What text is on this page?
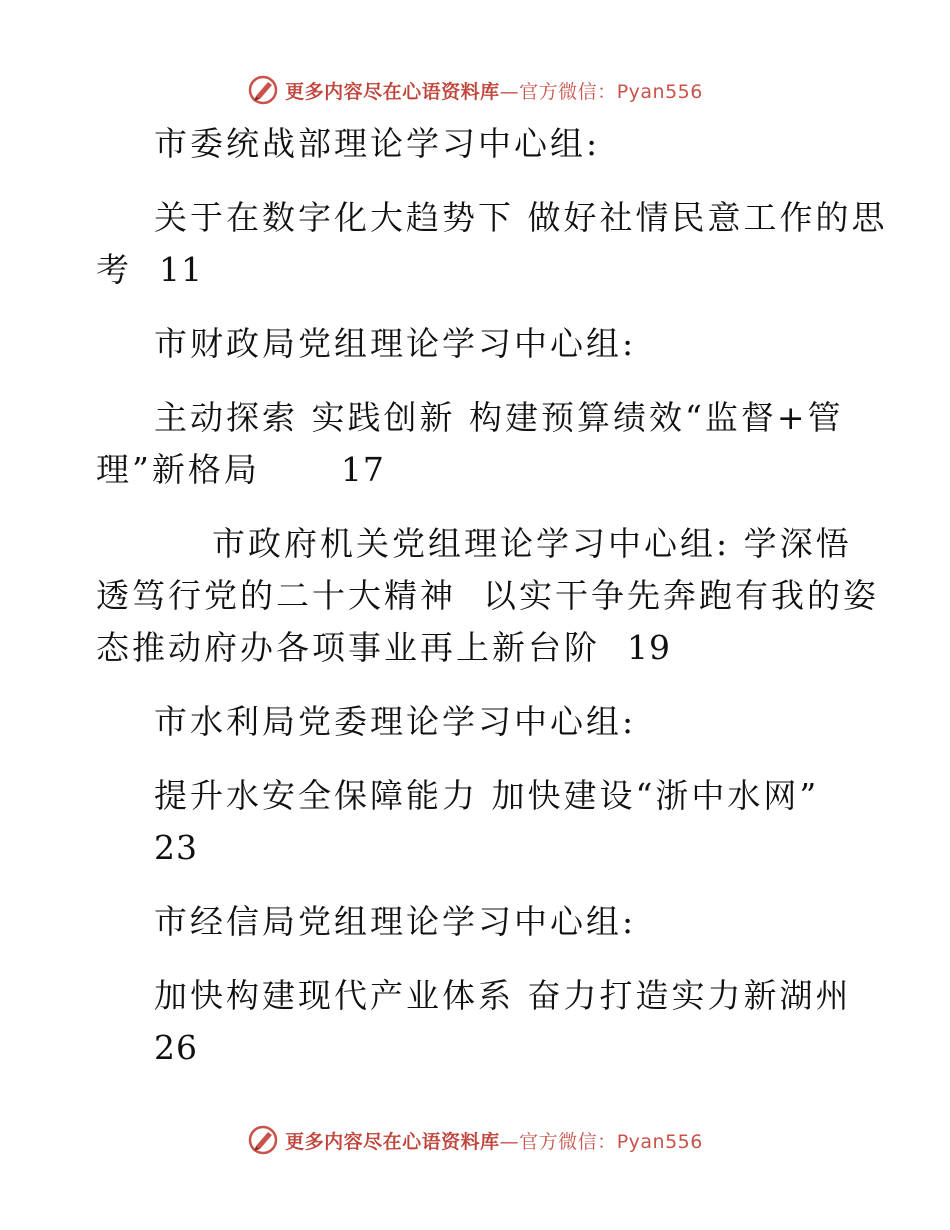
更多内容尽在心语资料库—官方微信：Pyan556
市委统战部理论学习中心组:
关于在数字化大趋势下 做好社情民意工作的思
考 11
市财政局党组理论学习中心组:
主动探索 实践创新 构建预算绩效“监督+管
理”新格局 17
市政府机关党组理论学习中心组: 学深悟
透笃行党的二十大精神  以实干争先奔跑有我的姿
态推动府办各项事业再上新台阶 19
市水利局党委理论学习中心组:
提升水安全保障能力 加快建设“浙中水网”
23
市经信局党组理论学习中心组:
加快构建现代产业体系 奋力打造实力新湖州
26
更多内容尽在心语资料库—官方微信：Pyan556
